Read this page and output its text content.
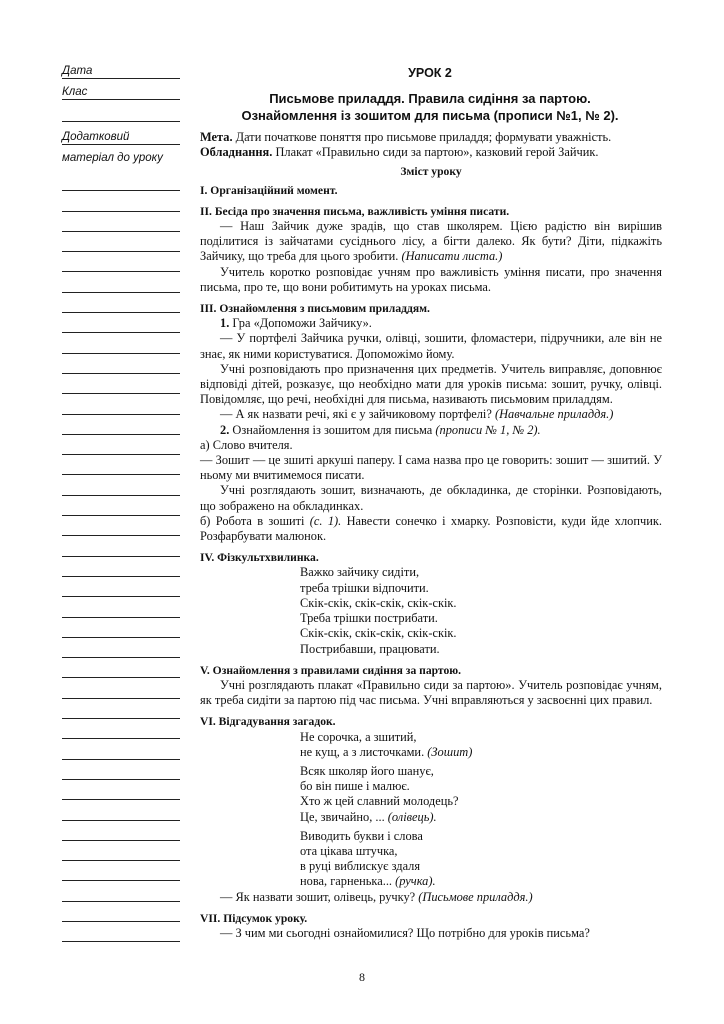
Дата
Клас
Додатковий
матеріал до уроку
УРОК 2
Письмове приладдя. Правила сидіння за партою.
Ознайомлення із зошитом для письма (прописи №1, № 2).

Мета. Дати початкове поняття про письмове приладдя; формувати уважність.

Обладнання. Плакат «Правильно сиди за партою», казковий герой Зайчик.

Зміст уроку

I. Організаційний момент.

II. Бесіда про значення письма, важливість уміння писати.

— Наш Зайчик дуже зрадів, що став школярем. Цією радістю він вирішив поділитися із зайчатами сусіднього лісу, а бігти далеко. Як бути? Діти, підкажіть Зайчику, що треба для цього зробити. (Написати листа.)

Учитель коротко розповідає учням про важливість уміння писати, про значення письма, про те, що вони робитимуть на уроках письма.

III. Ознайомлення з письмовим приладдям.

1. Гра «Допоможи Зайчику».

— У портфелі Зайчика ручки, олівці, зошити, фломастери, підручники, але він не знає, як ними користуватися. Допоможімо йому.

Учні розповідають про призначення цих предметів. Учитель виправляє, доповнює відповіді дітей, розказує, що необхідно мати для уроків письма: зошит, ручку, олівці. Повідомляє, що речі, необхідні для письма, називають письмовим приладдям.

— А як назвати речі, які є у зайчиковому портфелі? (Навчальне приладдя.)

2. Ознайомлення із зошитом для письма (прописи № 1, № 2).

а) Слово вчителя.

— Зошит — це зшиті аркуші паперу. І сама назва про це говорить: зошит — зшитий. У ньому ми вчитимемося писати.

Учні розглядають зошит, визначають, де обкладинка, де сторінки. Розповідають, що зображено на обкладинках.

б) Робота в зошиті (с. 1). Навести сонечко і хмарку. Розповісти, куди йде хлопчик. Розфарбувати малюнок.

IV. Фізкультхвилинка.

Важко зайчику сидіти,

треба трішки відпочити.

Скік-скік, скік-скік, скік-скік.

Треба трішки пострибати.

Скік-скік, скік-скік, скік-скік.

Пострибавши, працювати.

V. Ознайомлення з правилами сидіння за партою.

Учні розглядають плакат «Правильно сиди за партою». Учитель розповідає учням, як треба сидіти за партою під час письма. Учні вправляються у засвоєнні цих правил.

VI. Відгадування загадок.

Не сорочка, а зшитий,

не кущ, а з листочками. (Зошит)

Всяк школяр його шанує,

бо він пише і малює.

Хто ж цей славний молодець?

Це, звичайно, ... (олівець).

Виводить букви і слова

ота цікава штучка,

в руці виблискує здаля

нова, гарненька... (ручка).

— Як назвати зошит, олівець, ручку? (Письмове приладдя.)

VII. Підсумок уроку.

— З чим ми сьогодні ознайомилися? Що потрібно для уроків письма?

8
